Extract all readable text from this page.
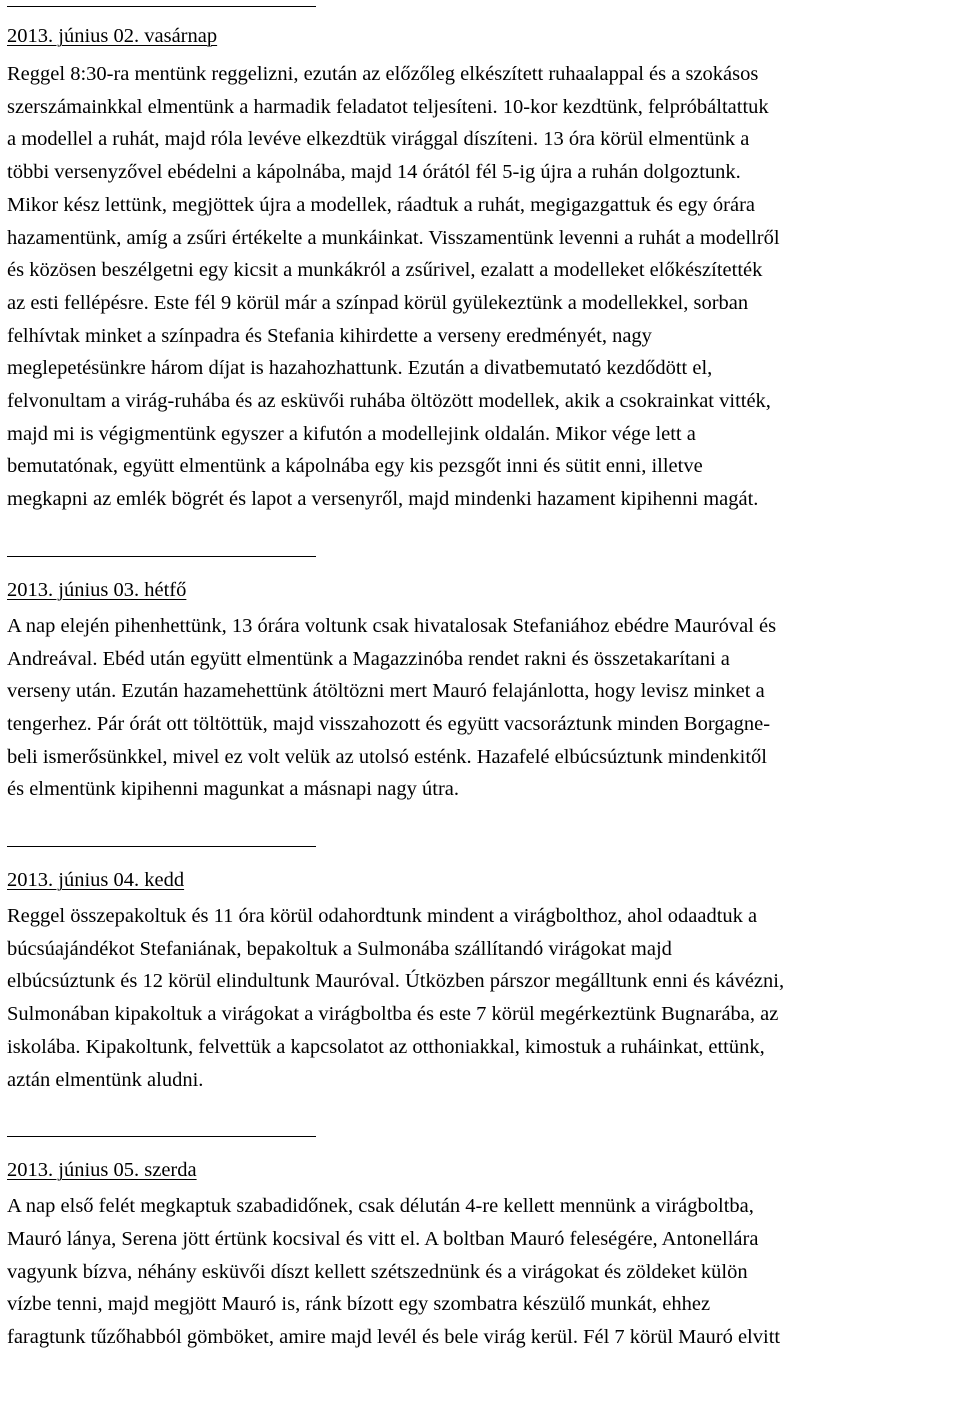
2013. június 02. vasárnap

Reggel 8:30-ra mentünk reggelizni, ezután az előzőleg elkészített ruhaalappal és a szokásos
szerszámainkkal elmentünk a harmadik feladatot teljesíteni. 10-kor kezdtünk, felpróbáltattuk
a modellel a ruhát, majd róla levéve elkezdtük virággal díszíteni. 13 óra körül elmentünk a
többi versenyzővel ebédelni a kápolnába, majd 14 órától fél 5-ig újra a ruhán dolgoztunk.
Mikor kész lettünk, megjöttek újra a modellek, ráadtuk a ruhát, megigazgattuk és egy órára
hazamentünk, amíg a zsűri értékelte a munkáinkat. Visszamentünk levenni a ruhát a modellről
és közösen beszélgetni egy kicsit a munkákról a zsűrivel, ezalatt a modelleket előkészítették
az esti fellépésre. Este fél 9 körül már a színpad körül gyülekeztünk a modellekkel, sorban
felhívtak minket a színpadra és Stefania kihirdette a verseny eredményét, nagy
meglepetésünkre három díjat is hazahozhattunk. Ezután a divatbemutató kezdődött el,
felvonultam a virág-ruhába és az esküvői ruhába öltözött modellek, akik a csokrainkat vitték,
majd mi is végigmentünk egyszer a kifutón a modellejink oldalán. Mikor vége lett a
bemutatónak, együtt elmentünk a kápolnába egy kis pezsgőt inni és sütit enni, illetve
megkapni az emlék bögrét és lapot a versenyről, majd mindenki hazament kipihenni magát.

2013. június 03. hétfő

A nap elején pihenhettünk, 13 órára voltunk csak hivatalosak Stefaniához ebédre Mauróval és
Andreával. Ebéd után együtt elmentünk a Magazzinóba rendet rakni és összetakarítani a
verseny után. Ezután hazamehettünk átöltözni mert Mauró felajánlotta, hogy levisz minket a
tengerhez. Pár órát ott töltöttük, majd visszahozott és együtt vacsoráztunk minden Borgagne-
beli ismerősünkkel, mivel ez volt velük az utolsó esténk. Hazafelé elbúcsúztunk mindenkitől
és elmentünk kipihenni magunkat a másnapi nagy útra.

2013. június 04. kedd

Reggel összepakoltuk és 11 óra körül odahordtunk mindent a virágbolthoz, ahol odaadtuk a
búcsúajándékot Stefaniának, bepakoltuk a Sulmonába szállítandó virágokat majd
elbúcsúztunk és 12 körül elindultunk Mauróval. Útközben párszor megálltunk enni és kávézni,
Sulmonában kipakoltuk a virágokat a virágboltba és este 7 körül megérkeztünk Bugnarába, az
iskolába. Kipakoltunk, felvettük a kapcsolatot az otthoniakkal, kimostuk a ruháinkat, ettünk,
aztán elmentünk aludni.

2013. június 05. szerda

A nap első felét megkaptuk szabadidőnek, csak délután 4-re kellett mennünk a virágboltba,
Mauró lánya, Serena jött értünk kocsival és vitt el. A boltban Mauró feleségére, Antonellára
vagyunk bízva, néhány esküvői díszt kellett szétszednünk és a virágokat és zöldeket külön
vízbe tenni, majd megjött Mauró is, ránk bízott egy szombatra készülő munkát, ehhez
faragtunk tűzőhabból gömböket, amire majd levél és bele virág kerül. Fél 7 körül Mauró elvitt
